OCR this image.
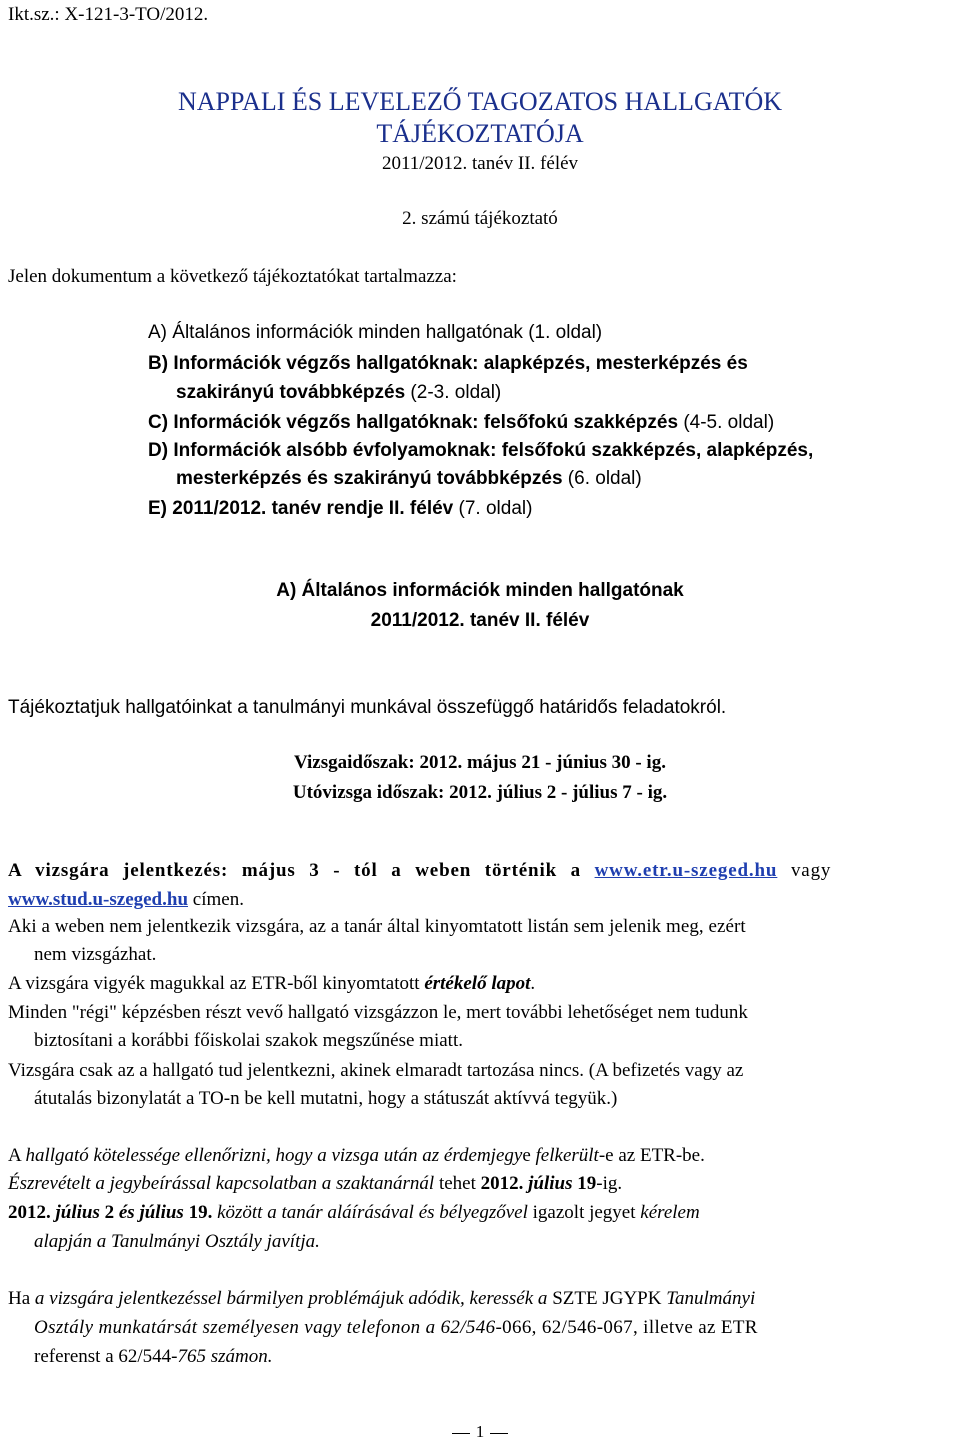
Ikt.sz.: X-121-3-TO/2012.

NAPPALI ÉS LEVELEZŐ TAGOZATOS HALLGATÓK
TÁJÉKOZTATÓJA

2011/2012. tanév II. félév

2. számú tájékoztató

Jelen dokumentum a következő tájékoztatókat tartalmazza:

A) Általános információk minden hallgatónak (1. oldal)

B) Információk végzős hallgatóknak: alapképzés, mesterképzés és

szakirányú továbbképzés (2-3. oldal)

C) Információk végzős hallgatóknak: felsőfokú szakképzés (4-5. oldal)

D) Információk alsóbb évfolyamoknak: felsőfokú szakképzés, alapképzés,

mesterképzés és szakirányú továbbképzés (6. oldal)

E) 2011/2012. tanév rendje II. félév (7. oldal)

A) Általános információk minden hallgatónak

2011/2012. tanév II. félév

Tájékoztatjuk hallgatóinkat a tanulmányi munkával összefüggő határidős feladatokról.

Vizsgaidőszak: 2012. május 21 - június 30 - ig.

Utóvizsga időszak: 2012. július 2 - július 7 - ig.

A vizsgára jelentkezés: május 3 - tól a weben történik a www.etr.u-szeged.hu vagy

www.stud.u-szeged.hu címen.

Aki a weben nem jelentkezik vizsgára, az a tanár által kinyomtatott listán sem jelenik meg, ezért

nem vizsgázhat.

A vizsgára vigyék magukkal az ETR-ből kinyomtatott értékelő lapot.

Minden "régi" képzésben részt vevő hallgató vizsgázzon le, mert további lehetőséget nem tudunk

biztosítani a korábbi főiskolai szakok megszűnése miatt.

Vizsgára csak az a hallgató tud jelentkezni, akinek elmaradt tartozása nincs. (A befizetés vagy az

átutalás bizonylatát a TO-n be kell mutatni, hogy a státuszát aktívvá tegyük.)

A hallgató kötelessége ellenőrizni, hogy a vizsga után az érdemjegye felkerült-e az ETR-be.

Észrevételt a jegybeírással kapcsolatban a szaktanárnál tehet 2012. július 19-ig.

2012. július 2 és július 19. között a tanár aláírásával és bélyegzővel igazolt jegyet kérelem

alapján a Tanulmányi Osztály javítja.

Ha a vizsgára jelentkezéssel bármilyen problémájuk adódik, keressék a SZTE JGYPK Tanulmányi

Osztály munkatársát személyesen vagy telefonon a 62/546-066, 62/546-067, illetve az ETR

referenst a 62/544-765 számon.

1
